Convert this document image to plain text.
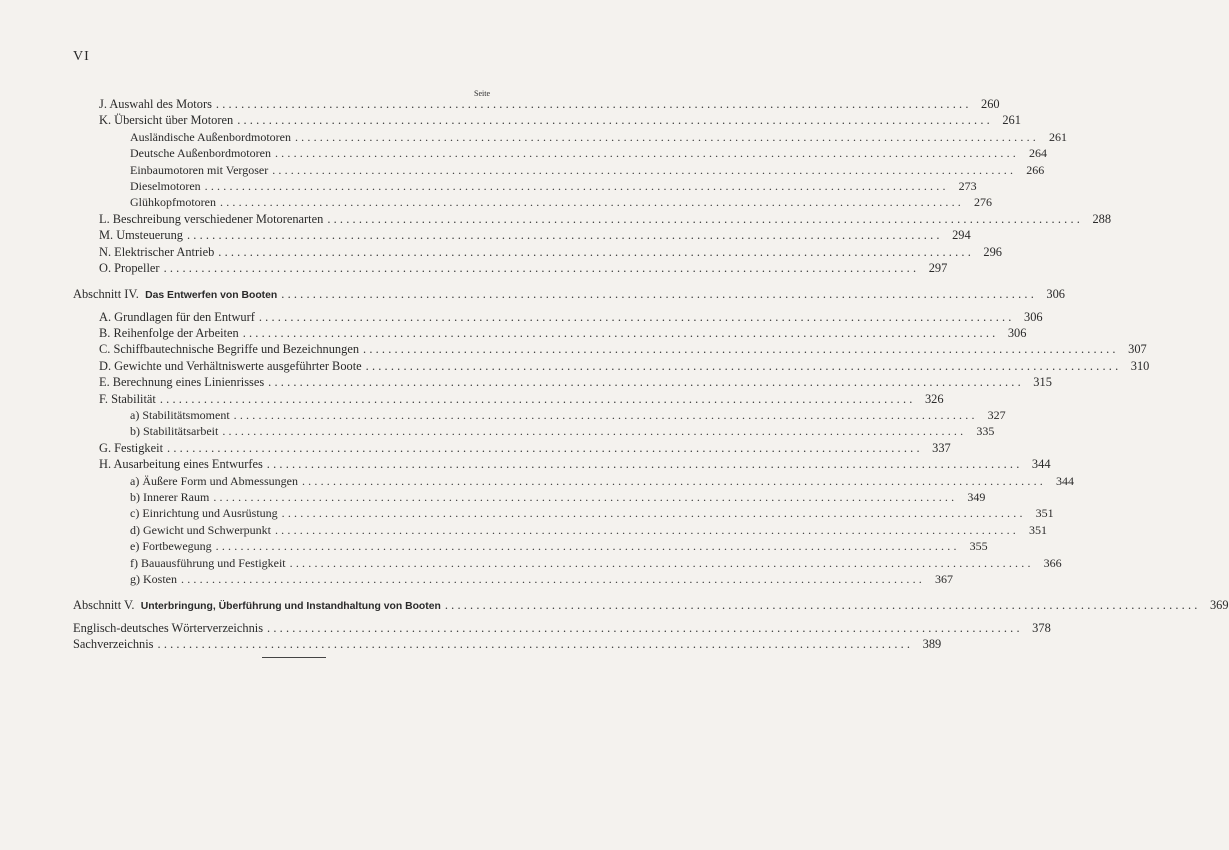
VI
Seite
J. Auswahl des Motors ........................................................................................................................ 260
K. Übersicht über Motoren ........................................................................................................................ 261
Ausländische Außenbordmotoren ........................................................................................................................ 261
Deutsche Außenbordmotoren ........................................................................................................................ 264
Einbaumotoren mit Vergoser ........................................................................................................................ 266
Dieselmotoren ........................................................................................................................ 273
Glühkopfmotoren ........................................................................................................................ 276
L. Beschreibung verschiedener Motorenarten ........................................................................................................................ 288
M. Umsteuerung ........................................................................................................................ 294
N. Elektrischer Antrieb ........................................................................................................................ 296
O. Propeller ........................................................................................................................ 297
Abschnitt IV.  Das Entwerfen von Booten ........................................................................................................................ 306
A. Grundlagen für den Entwurf ........................................................................................................................ 306
B. Reihenfolge der Arbeiten ........................................................................................................................ 306
C. Schiffbautechnische Begriffe und Bezeichnungen ........................................................................................................................ 307
D. Gewichte und Verhältniswerte ausgeführter Boote ........................................................................................................................ 310
E. Berechnung eines Linienrisses ........................................................................................................................ 315
F. Stabilität ........................................................................................................................ 326
a) Stabilitätsmoment ........................................................................................................................ 327
b) Stabilitätsarbeit ........................................................................................................................ 335
G. Festigkeit ........................................................................................................................ 337
H. Ausarbeitung eines Entwurfes ........................................................................................................................ 344
a) Äußere Form und Abmessungen ........................................................................................................................ 344
b) Innerer Raum ........................................................................................................................ 349
c) Einrichtung und Ausrüstung ........................................................................................................................ 351
d) Gewicht und Schwerpunkt ........................................................................................................................ 351
e) Fortbewegung ........................................................................................................................ 355
f) Bauausführung und Festigkeit ........................................................................................................................ 366
g) Kosten ........................................................................................................................ 367
Abschnitt V.  Unterbringung, Überführung und Instandhaltung von Booten ........................................................................................................................ 369
Englisch-deutsches Wörterverzeichnis ........................................................................................................................ 378
Sachverzeichnis ........................................................................................................................ 389
